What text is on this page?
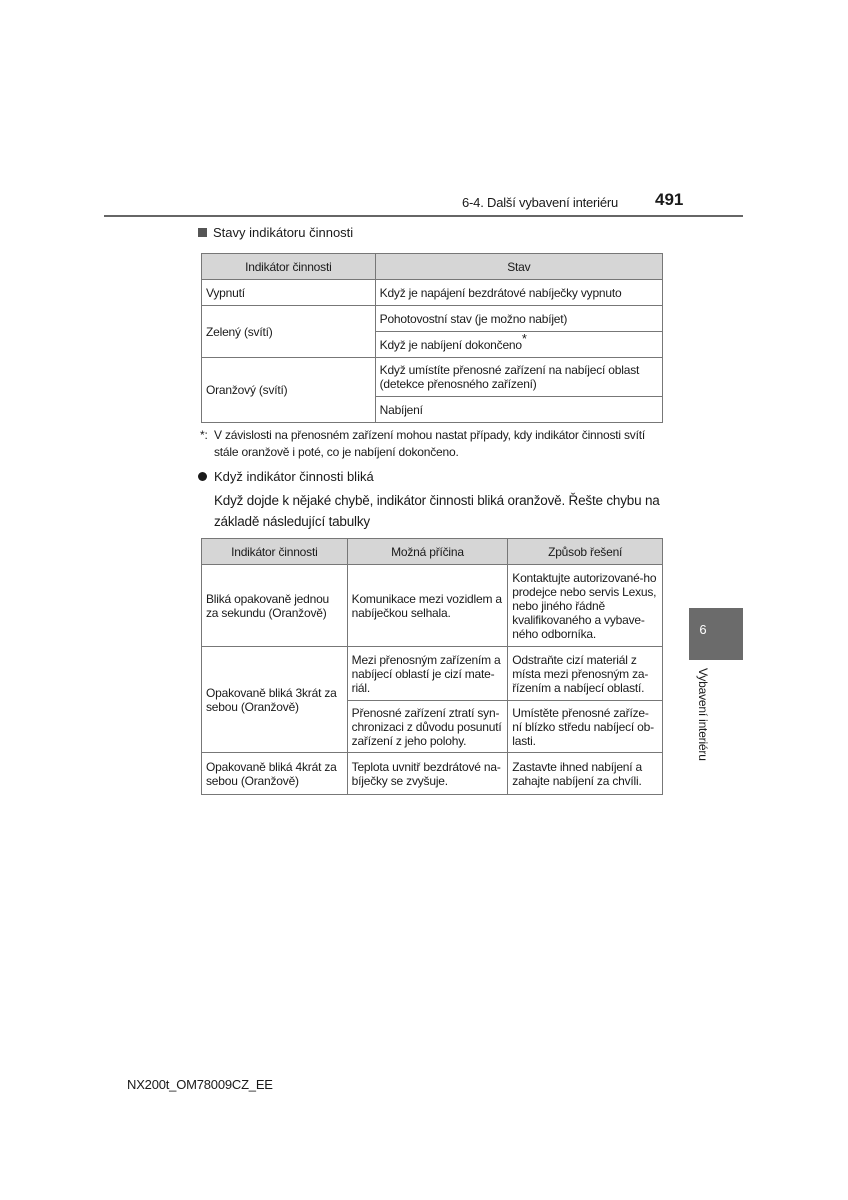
6-4. Další vybavení interiéru 491
Stavy indikátoru činnosti
Indikátor činnosti	Stav
Vypnutí	Když je napájení bezdrátové nabíječky vypnuto
Zelený (svítí)	Pohotovostní stav (je možno nabíjet)
	Když je nabíjení dokončeno*
Oranžový (svítí)	Když umístíte přenosné zařízení na nabíjecí oblast (detekce přenosného zařízení)
	Nabíjení
*: V závislosti na přenosném zařízení mohou nastat případy, kdy indikátor činnosti svítí
stále oranžově i poté, co je nabíjení dokončeno.
Když indikátor činnosti bliká
Když dojde k nějaké chybě, indikátor činnosti bliká oranžově. Řešte chybu na základě následující tabulky
Indikátor činnosti	Možná příčina	Způsob řešení
Bliká opakovaně jednou za sekundu (Oranžově)	Komunikace mezi vozidlem a nabíječkou selhala.	Kontaktujte autorizované-ho prodejce nebo servis Lexus, nebo jiného řádně kvalifikovaného a vybave-ného odborníka.
Opakovaně bliká 3krát za sebou (Oranžově)	Mezi přenosným zařízením a nabíjecí oblastí je cizí mate-riál.	Odstraňte cizí materiál z místa mezi přenosným za-řízením a nabíjecí oblastí.
	Přenosné zařízení ztratí syn-chronizaci z důvodu posunutí zařízení z jeho polohy.	Umístěte přenosné zaříze-ní blízko středu nabíjecí ob-lasti.
Opakovaně bliká 4krát za sebou (Oranžově)	Teplota uvnitř bezdrátové na-bíječky se zvyšuje.	Zastavte ihned nabíjení a zahajte nabíjení za chvíli.
6
Vybavení interiéru
NX200t_OM78009CZ_EE
